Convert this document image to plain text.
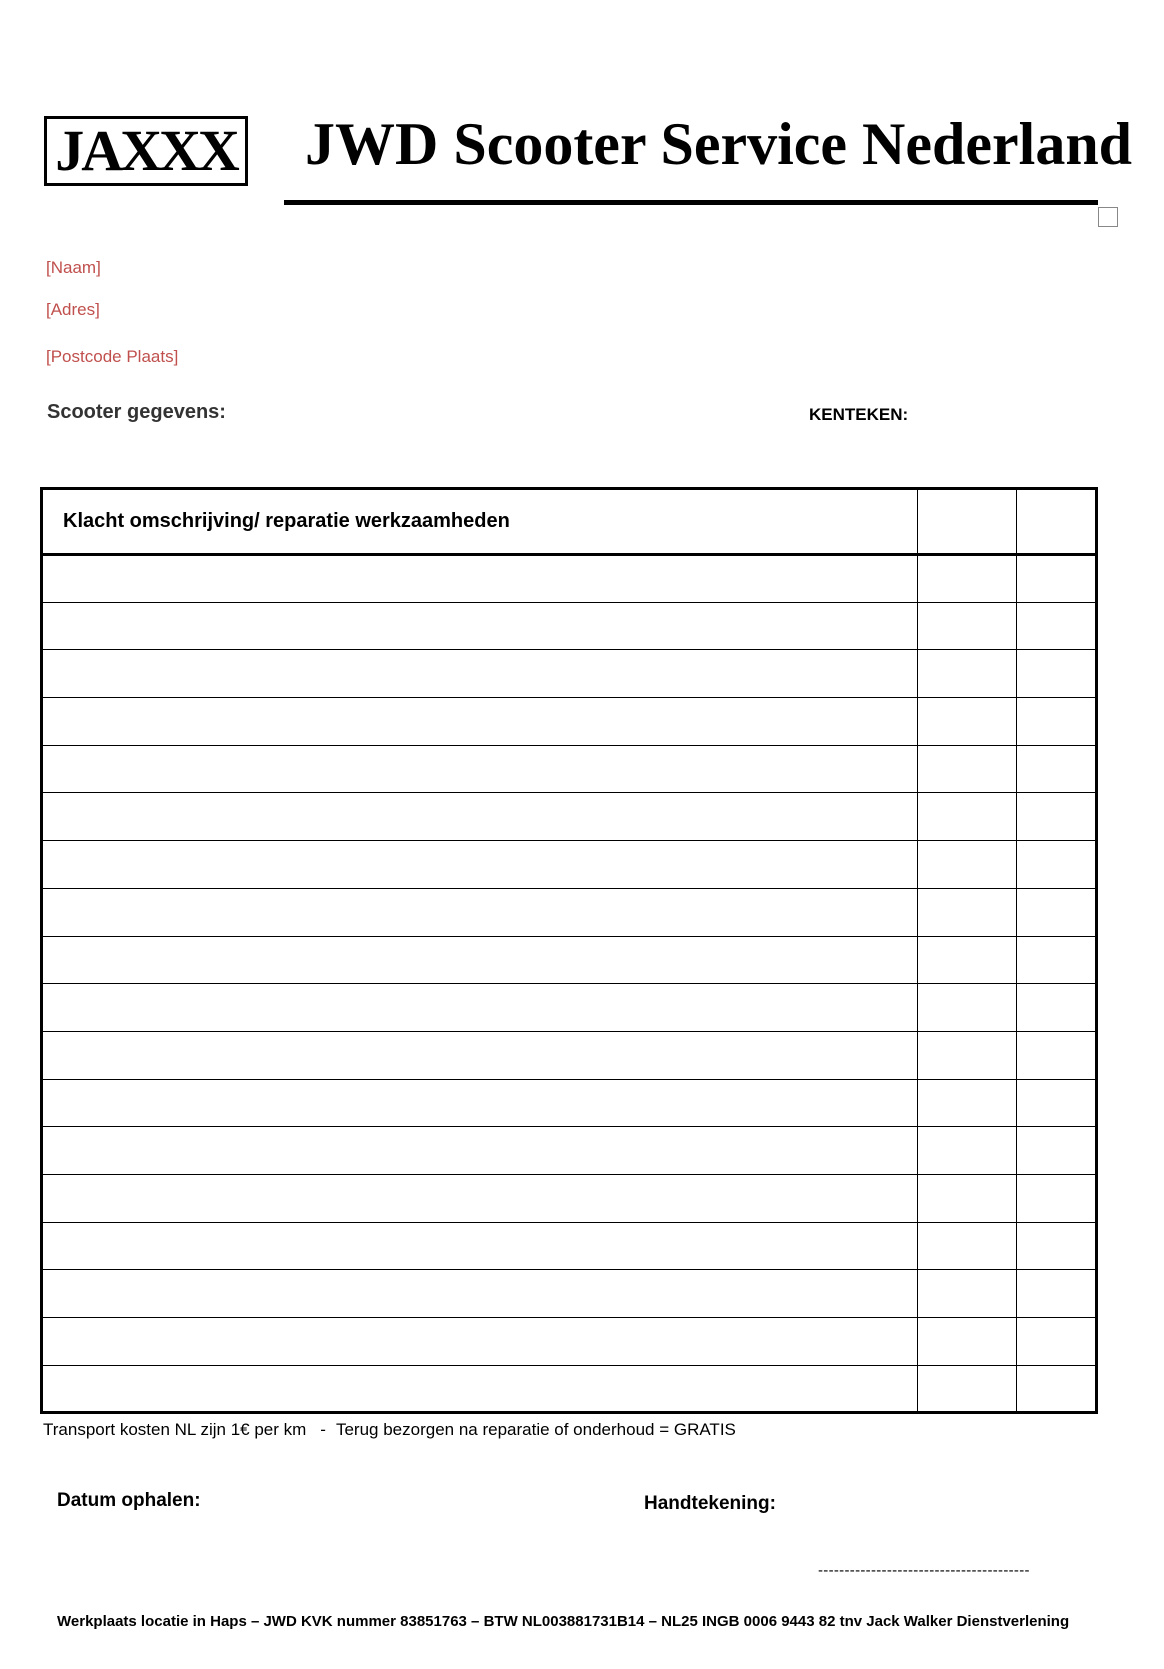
JAXXX JWD Scooter Service Nederland
[Naam]
[Adres]
[Postcode Plaats]
Scooter gegevens:	KENTEKEN:
Klacht omschrijving/ reparatie werkzaamheden		

Transport kosten NL zijn 1€ per km - Terug bezorgen na reparatie of onderhoud = GRATIS
Datum ophalen:	Handtekening:
----------------------------------------
Werkplaats locatie in Haps – JWD KVK nummer 83851763 – BTW NL003881731B14 – NL25 INGB 0006 9443 82 tnv Jack Walker Dienstverlening
